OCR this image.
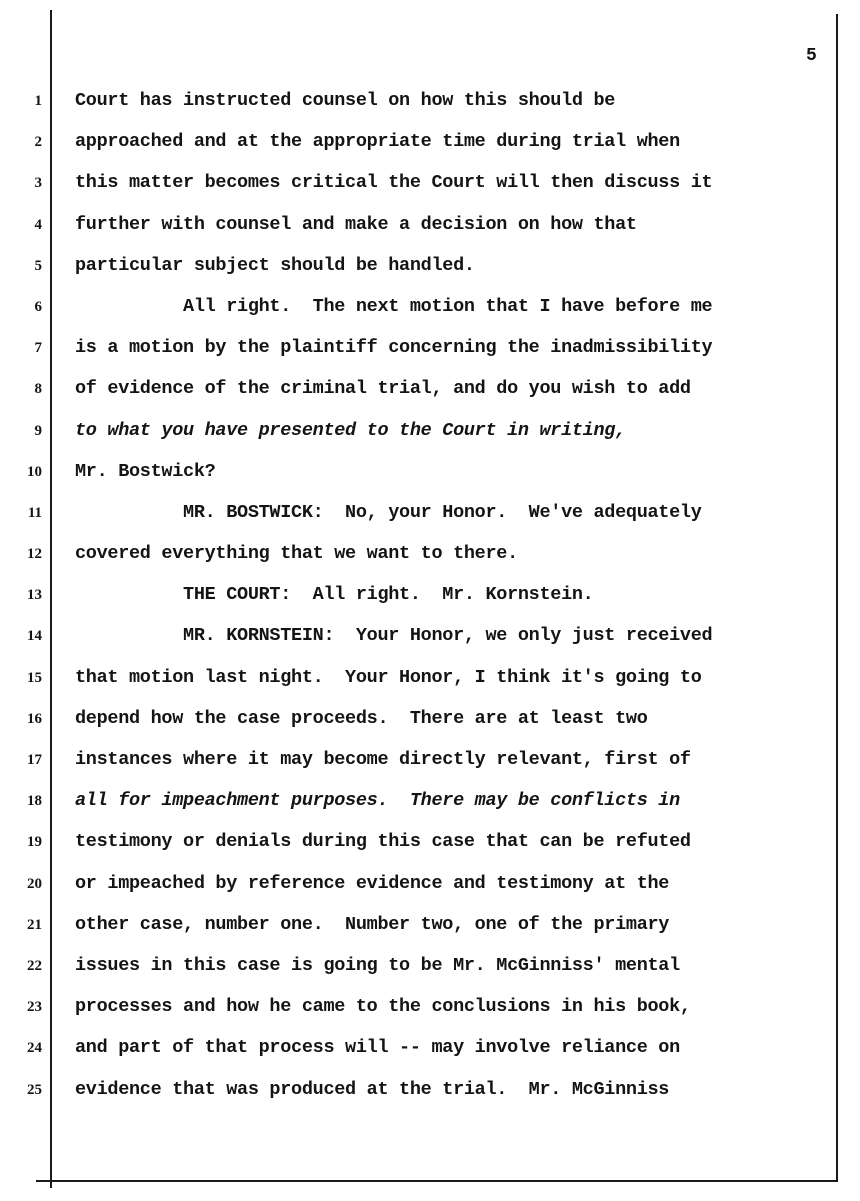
5
1
2
3
4
5
6
7
8
9
10
11
12
13
14
15
16
17
18
19
20
21
22
23
24
25
Court has instructed counsel on how this should be
approached and at the appropriate time during trial when
this matter becomes critical the Court will then discuss it
further with counsel and make a decision on how that
particular subject should be handled.
All right.  The next motion that I have before me
is a motion by the plaintiff concerning the inadmissibility
of evidence of the criminal trial, and do you wish to add
to what you have presented to the Court in writing,
Mr. Bostwick?
MR. BOSTWICK:  No, your Honor.  We've adequately
covered everything that we want to there.
THE COURT:  All right.  Mr. Kornstein.
MR. KORNSTEIN:  Your Honor, we only just received
that motion last night.  Your Honor, I think it's going to
depend how the case proceeds.  There are at least two
instances where it may become directly relevant, first of
all for impeachment purposes.  There may be conflicts in
testimony or denials during this case that can be refuted
or impeached by reference evidence and testimony at the
other case, number one.  Number two, one of the primary
issues in this case is going to be Mr. McGinniss' mental
processes and how he came to the conclusions in his book,
and part of that process will -- may involve reliance on
evidence that was produced at the trial.  Mr. McGinniss
